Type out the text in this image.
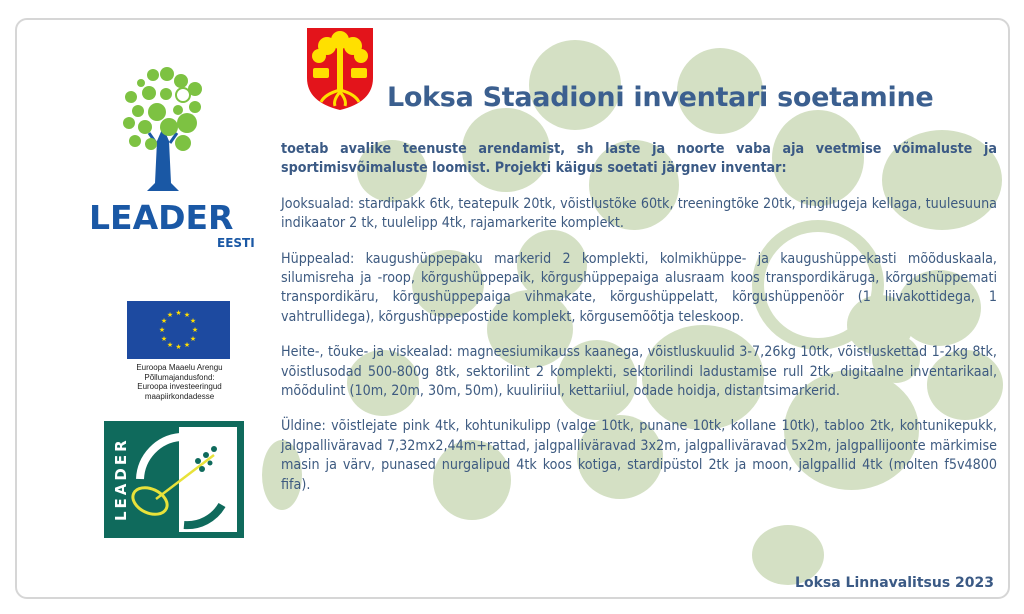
LEADER
EESTI
★ ★
★
★
★
★
★
★
★
★
★
★
Euroopa Maaelu Arengu
Põllumajandusfond:
Euroopa investeeringud
maapiirkondadesse
LEADER
Loksa Staadioni inventari soetamine

toetab avalike teenuste arendamist, sh laste ja noorte vaba aja veetmise võimaluste ja sportimisvõimaluste loomist. Projekti käigus soetati järgnev inventar:

Jooksualad: stardipakk 6tk, teatepulk 20tk, võistlustõke 60tk, treeningtõke 20tk, ringilugeja kellaga, tuulesuuna indikaator 2 tk, tuulelipp 4tk, rajamarkerite komplekt.

Hüppealad: kaugushüppepaku markerid 2 komplekti, kolmikhüppe- ja kaugushüppekasti mõõduskaala, silumisreha ja -roop, kõrgushüppepaik, kõrgushüppepaiga alusraam koos transpordikäruga, kõrgushüppemati transpordikäru, kõrgushüppepaiga vihmakate, kõrgushüppelatt, kõrgushüppenöör (1 liivakottidega, 1 vahtrullidega), kõrgushüppepostide komplekt, kõrgusemõõtja teleskoop.

Heite-, tõuke- ja viskealad: magneesiumikauss kaanega, võistluskuulid 3-7,26kg 10tk, võistluskettad 1-2kg 8tk, võistlusodad 500-800g 8tk, sektorilint 2 komplekti, sektorilindi ladustamise rull 2tk, digitaalne inventarikaal, mõõdulint (10m, 20m, 30m, 50m), kuuliriiul, kettariiul, odade hoidja, distantsimarkerid.

Üldine: võistlejate pink 4tk, kohtunikulipp (valge 10tk, punane 10tk, kollane 10tk), tabloo 2tk, kohtunikepukk, jalgpalliväravad 7,32mx2,44m+rattad, jalgpalliväravad 3x2m, jalgpalliväravad 5x2m, jalgpallijoonte märkimise masin ja värv, punased nurgalipud 4tk koos kotiga, stardipüstol 2tk ja moon, jalgpallid 4tk (molten f5v4800 fifa).

Loksa Linnavalitsus 2023
